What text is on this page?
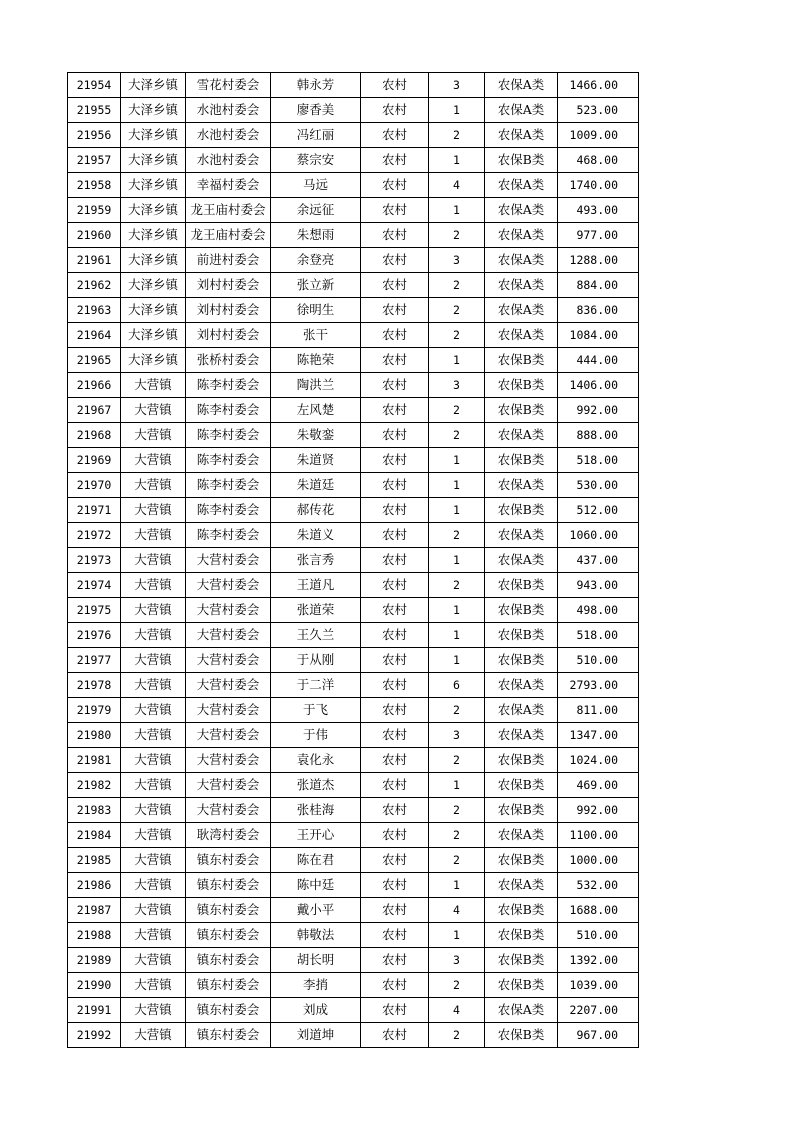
21954	大泽乡镇	雪花村委会	韩永芳	农村	3	农保A类	1466.00
21955	大泽乡镇	水池村委会	廖香美	农村	1	农保A类	523.00
21956	大泽乡镇	水池村委会	冯红丽	农村	2	农保A类	1009.00
21957	大泽乡镇	水池村委会	蔡宗安	农村	1	农保B类	468.00
21958	大泽乡镇	幸福村委会	马远	农村	4	农保A类	1740.00
21959	大泽乡镇	龙王庙村委会	余远征	农村	1	农保A类	493.00
21960	大泽乡镇	龙王庙村委会	朱想雨	农村	2	农保A类	977.00
21961	大泽乡镇	前进村委会	余登亮	农村	3	农保A类	1288.00
21962	大泽乡镇	刘村村委会	张立新	农村	2	农保A类	884.00
21963	大泽乡镇	刘村村委会	徐明生	农村	2	农保A类	836.00
21964	大泽乡镇	刘村村委会	张干	农村	2	农保A类	1084.00
21965	大泽乡镇	张桥村委会	陈艳荣	农村	1	农保B类	444.00
21966	大营镇	陈李村委会	陶洪兰	农村	3	农保B类	1406.00
21967	大营镇	陈李村委会	左风楚	农村	2	农保B类	992.00
21968	大营镇	陈李村委会	朱敬銮	农村	2	农保A类	888.00
21969	大营镇	陈李村委会	朱道贤	农村	1	农保B类	518.00
21970	大营镇	陈李村委会	朱道廷	农村	1	农保A类	530.00
21971	大营镇	陈李村委会	郝传花	农村	1	农保B类	512.00
21972	大营镇	陈李村委会	朱道义	农村	2	农保A类	1060.00
21973	大营镇	大营村委会	张言秀	农村	1	农保A类	437.00
21974	大营镇	大营村委会	王道凡	农村	2	农保B类	943.00
21975	大营镇	大营村委会	张道荣	农村	1	农保B类	498.00
21976	大营镇	大营村委会	王久兰	农村	1	农保B类	518.00
21977	大营镇	大营村委会	于从刚	农村	1	农保B类	510.00
21978	大营镇	大营村委会	于二洋	农村	6	农保A类	2793.00
21979	大营镇	大营村委会	于飞	农村	2	农保A类	811.00
21980	大营镇	大营村委会	于伟	农村	3	农保A类	1347.00
21981	大营镇	大营村委会	袁化永	农村	2	农保B类	1024.00
21982	大营镇	大营村委会	张道杰	农村	1	农保B类	469.00
21983	大营镇	大营村委会	张桂海	农村	2	农保B类	992.00
21984	大营镇	耿湾村委会	王开心	农村	2	农保A类	1100.00
21985	大营镇	镇东村委会	陈在君	农村	2	农保B类	1000.00
21986	大营镇	镇东村委会	陈中廷	农村	1	农保A类	532.00
21987	大营镇	镇东村委会	戴小平	农村	4	农保B类	1688.00
21988	大营镇	镇东村委会	韩敬法	农村	1	农保B类	510.00
21989	大营镇	镇东村委会	胡长明	农村	3	农保B类	1392.00
21990	大营镇	镇东村委会	李捎	农村	2	农保B类	1039.00
21991	大营镇	镇东村委会	刘成	农村	4	农保A类	2207.00
21992	大营镇	镇东村委会	刘道坤	农村	2	农保B类	967.00
